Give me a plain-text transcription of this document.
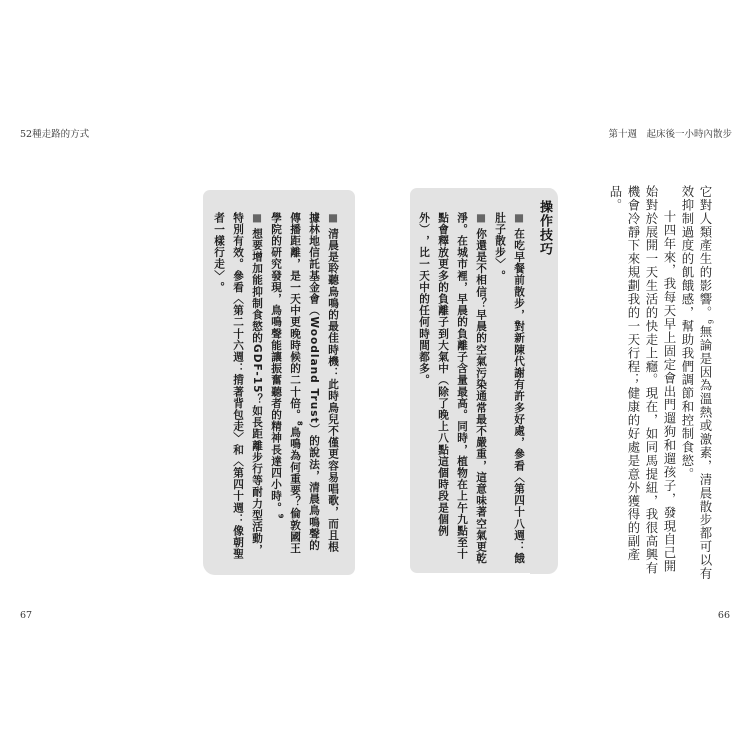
52種走路的方式	第十週　起床後一小時內散步

它對人類產生的影響。$^6$無論是因為溫熱或激素，清晨散步都可以有效抑制過度的飢餓感，幫助我們調節和控制食慾。

十四年來，我每天早上固定會出門遛狗和遛孩子，發現自己開始對於展開一天生活的快走上癮。現在，如同馬提紐，我很高興有機會冷靜下來規劃我的一天行程；健康的好處是意外獲得的副產品。

操作技巧

■在吃早餐前散步，對新陳代謝有許多好處，參看〈第四十八週：餓肚子散步〉。

■你還是不相信？早晨的空氣污染通常最不嚴重，這意味著空氣更乾淨。在城市裡，早晨的負離子含量最高。同時，植物在上午九點至十點會釋放更多的負離子到大氣中（除了晚上八點這個時段是個例外），比一天中的任何時間都多。

■清晨是聆聽鳥鳴的最佳時機：此時鳥兒不僅更容易唱歌，而且根據林地信託基金會（Woodland Trust）的說法，清晨鳥鳴聲的傳播距離，是一天中更晚時候的二十倍。$^8$鳥鳴為何重要？倫敦國王學院的研究發現，鳥鳴聲能讓振奮聽者的精神長達四小時。$^9$

■想要增加能抑制食慾的GDF-15？如長距離步行等耐力型活動，特別有效。參看〈第二十六週：揹著背包走〉和〈第四十週：像朝聖者一樣行走〉。

67	66
